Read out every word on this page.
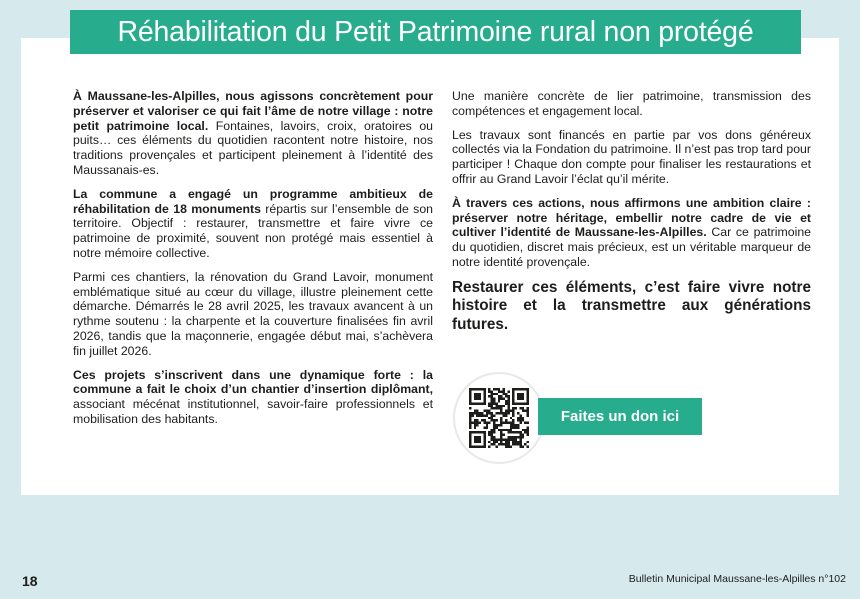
Réhabilitation du Petit Patrimoine rural non protégé

À Maussane-les-Alpilles, nous agissons concrètement pour préserver et valoriser ce qui fait l’âme de notre village : notre petit patrimoine local. Fontaines, lavoirs, croix, oratoires ou puits… ces éléments du quotidien racontent notre histoire, nos traditions provençales et participent pleinement à l’identité des Maussanais-es.

La commune a engagé un programme ambitieux de réhabilitation de 18 monuments répartis sur l’ensemble de son territoire. Objectif : restaurer, transmettre et faire vivre ce patrimoine de proximité, souvent non protégé mais essentiel à notre mémoire collective.

Parmi ces chantiers, la rénovation du Grand Lavoir, monument emblématique situé au cœur du village, illustre pleinement cette démarche. Démarrés le 28 avril 2025, les travaux avancent à un rythme soutenu : la charpente et la couverture finalisées fin avril 2026, tandis que la maçonnerie, engagée début mai, s’achèvera fin juillet 2026.

Ces projets s’inscrivent dans une dynamique forte : la commune a fait le choix d’un chantier d’insertion diplômant, associant mécénat institutionnel, savoir-faire professionnels et mobilisation des habitants.

Une manière concrète de lier patrimoine, transmission des compétences et engagement local.

Les travaux sont financés en partie par vos dons généreux collectés via la Fondation du patrimoine. Il n’est pas trop tard pour participer ! Chaque don compte pour finaliser les restaurations et offrir au Grand Lavoir l’éclat qu’il mérite.

À travers ces actions, nous affirmons une ambition claire : préserver notre héritage, embellir notre cadre de vie et cultiver l’identité de Maussane-les-Alpilles. Car ce patrimoine du quotidien, discret mais précieux, est un véritable marqueur de notre identité provençale.

Restaurer ces éléments, c’est faire vivre notre histoire et la transmettre aux générations futures.

Faites un don ici
18	Bulletin Municipal Maussane-les-Alpilles n°102
